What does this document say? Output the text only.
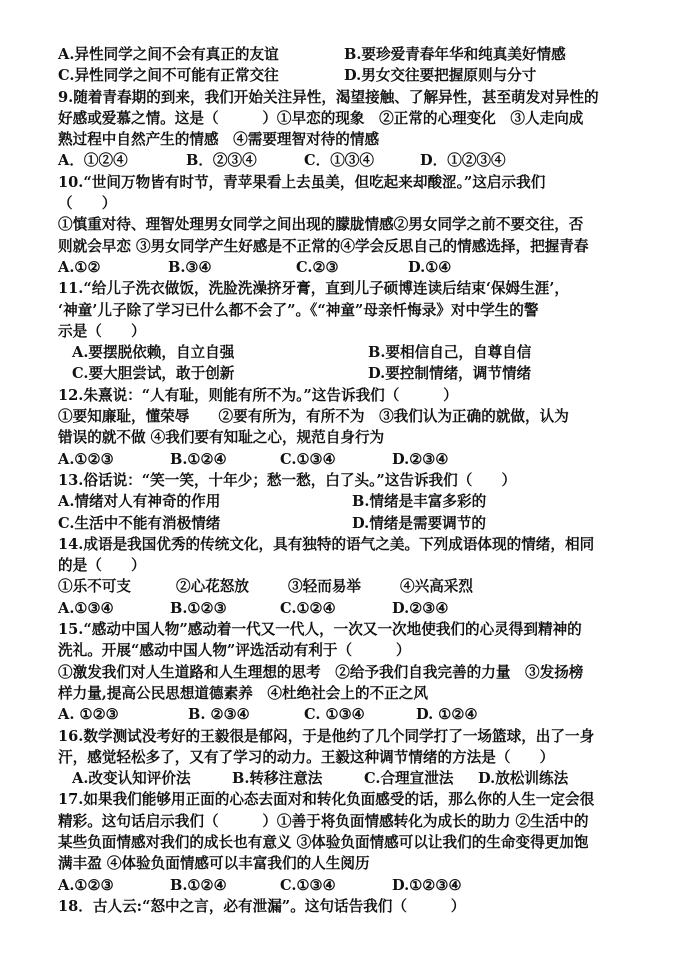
A.异性同学之间不会有真正的友谊	B.要珍爱青春年华和纯真美好情感
C.异性同学之间不可能有正常交往	D.男女交往要把握原则与分寸
9.随着青春期的到来，我们开始关注异性，渴望接触、了解异性，甚至萌发对异性的
好感或爱慕之情。这是（　　　）①早恋的现象　②正常的心理变化　③人走向成
熟过程中自然产生的情感　④需要理智对待的情感
A．①②④	B．②③④	C．①③④	D．①②③④
10.“世间万物皆有时节，青苹果看上去虽美，但吃起来却酸涩。”这启示我们
（　　）
①慎重对待、理智处理男女同学之间出现的朦胧情感②男女同学之前不要交往，否
则就会早恋 ③男女同学产生好感是不正常的④学会反思自己的情感选择，把握青春
A.①②	B.③④	C.②③	D.①④
11.“给儿子洗衣做饭，洗脸洗澡挤牙膏，直到儿子硕博连读后结束‘保姆生涯’，
‘神童’儿子除了学习已什么都不会了”。《“神童”母亲忏悔录》对中学生的警
示是（　　）
A.要摆脱依赖，自立自强	B.要相信自己，自尊自信
C.要大胆尝试，敢于创新	D.要控制情绪，调节情绪
12.朱熹说：“人有耻，则能有所不为。”这告诉我们（　　　）
①要知廉耻，懂荣辱　　②要有所为，有所不为　③我们认为正确的就做，认为
错误的就不做 ④我们要有知耻之心，规范自身行为
A.①②③	B.①②④	C.①③④	D.②③④
13.俗话说：“笑一笑，十年少；愁一愁，白了头。”这告诉我们（　　）
A.情绪对人有神奇的作用	B.情绪是丰富多彩的
C.生活中不能有消极情绪	D.情绪是需要调节的
14.成语是我国优秀的传统文化，具有独特的语气之美。下列成语体现的情绪，相同
的是（　　）
①乐不可支	②心花怒放	③轻而易举	④兴高采烈
A.①③④	B.①②③	C.①②④	D.②③④
15.“感动中国人物”感动着一代又一代人，一次又一次地使我们的心灵得到精神的
洗礼。开展“感动中国人物”评选活动有利于（　　　）
①激发我们对人生道路和人生理想的思考　②给予我们自我完善的力量　③发扬榜
样力量,提高公民思想道德素养　④杜绝社会上的不正之风
A. ①②③	B. ②③④	C. ①③④	D. ①②④
16.数学测试没考好的王毅很是郁闷，于是他约了几个同学打了一场篮球，出了一身
汗，感觉轻松多了，又有了学习的动力。王毅这种调节情绪的方法是（　　）
A.改变认知评价法	B.转移注意法	C.合理宣泄法 D.放松训练法
17.如果我们能够用正面的心态去面对和转化负面感受的话，那么你的人生一定会很
精彩。这句话启示我们（　　　）①善于将负面情感转化为成长的助力 ②生活中的
某些负面情感对我们的成长也有意义 ③体验负面情感可以让我们的生命变得更加饱
满丰盈 ④体验负面情感可以丰富我们的人生阅历
A.①②③	B.①②④	C.①③④	D.①②③④
18．古人云:“怒中之言，必有泄漏”。这句话告我们（　　　）
